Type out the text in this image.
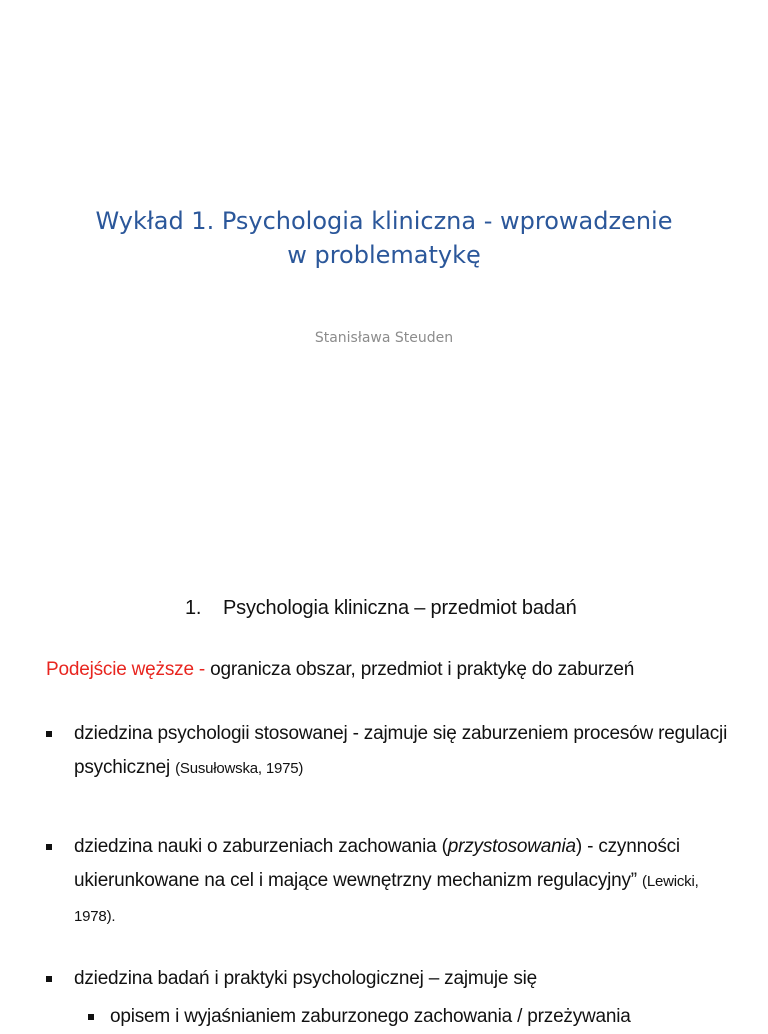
Wykład 1. Psychologia kliniczna - wprowadzenie
w problematykę
Stanisława Steuden
1. Psychologia kliniczna – przedmiot badań
Podejście węższe - ogranicza obszar, przedmiot i praktykę do zaburzeń
dziedzina psychologii stosowanej - zajmuje się zaburzeniem procesów regulacji psychicznej (Susułowska, 1975)
dziedzina nauki o zaburzeniach zachowania (przystosowania) - czynności ukierunkowane na cel i mające wewnętrzny mechanizm regulacyjny” (Lewicki, 1978).
dziedzina badań i praktyki psychologicznej – zajmuje się
opisem i wyjaśnianiem zaburzonego zachowania / przeżywania
